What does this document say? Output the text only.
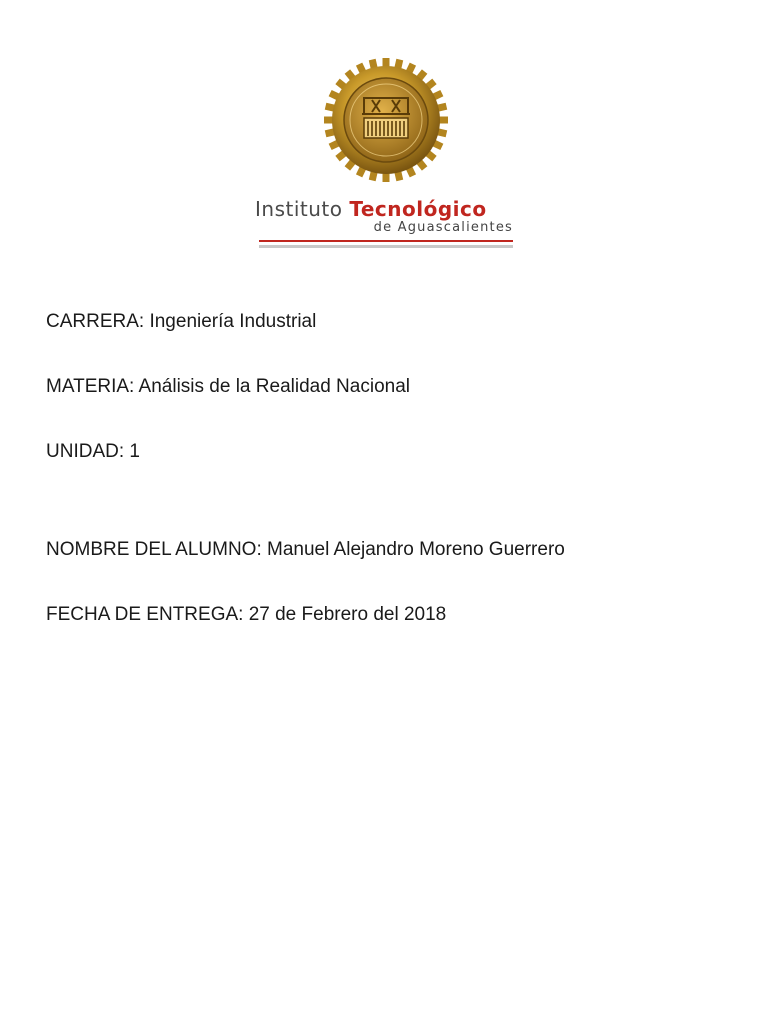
Instituto Tecnológico
de Aguascalientes

CARRERA: Ingeniería Industrial

MATERIA: Análisis de la Realidad Nacional

UNIDAD: 1

NOMBRE DEL ALUMNO: Manuel Alejandro Moreno Guerrero

FECHA DE ENTREGA: 27 de Febrero del 2018
